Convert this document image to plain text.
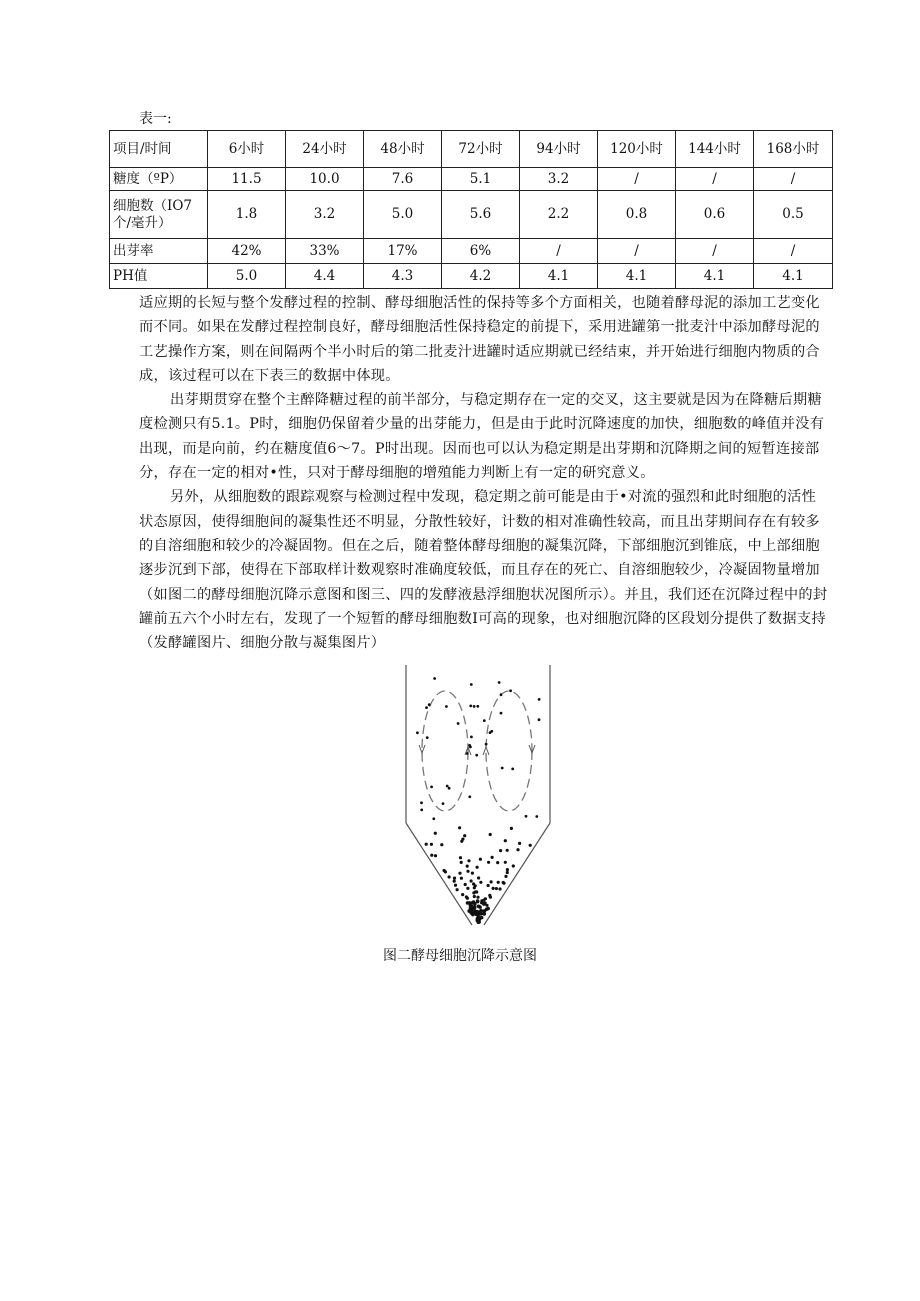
表一:
项目/时间	6小时	24小时	48小时	72小时	94小时	120小时	144小时	168小时
糖度（ºP）	11.5	10.0	7.6	5.1	3.2	/	/	/
细胞数（IO7个/毫升）	1.8	3.2	5.0	5.6	2.2	0.8	0.6	0.5
出芽率	42%	33%	17%	6%	/	/	/	/
PH值	5.0	4.4	4.3	4.2	4.1	4.1	4.1	4.1

适应期的长短与整个发酵过程的控制、酵母细胞活性的保持等多个方面相关，也随着酵母泥的添加工艺变化而不同。如果在发酵过程控制良好，酵母细胞活性保持稳定的前提下，采用进罐第一批麦汁中添加酵母泥的工艺操作方案，则在间隔两个半小时后的第二批麦汁进罐时适应期就已经结束，并开始进行细胞内物质的合成，该过程可以在下表三的数据中体现。

出芽期贯穿在整个主醉降糖过程的前半部分，与稳定期存在一定的交叉，这主要就是因为在降糖后期糖度检测只有5.1。P时，细胞仍保留着少量的出芽能力，但是由于此时沉降速度的加快，细胞数的峰值并没有出现，而是向前，约在糖度值6～7。P时出现。因而也可以认为稳定期是出芽期和沉降期之间的短暂连接部分，存在一定的相对•性，只对于酵母细胞的增殖能力判断上有一定的研究意义。

另外，从细胞数的跟踪观察与检测过程中发现，稳定期之前可能是由于•对流的强烈和此时细胞的活性状态原因，使得细胞间的凝集性还不明显，分散性较好，计数的相对准确性较高，而且出芽期间存在有较多的自溶细胞和较少的冷凝固物。但在之后，随着整体酵母细胞的凝集沉降，下部细胞沉到锥底，中上部细胞逐步沉到下部，使得在下部取样计数观察时准确度较低，而且存在的死亡、自溶细胞较少，冷凝固物量增加（如图二的酵母细胞沉降示意图和图三、四的发酵液悬浮细胞状况图所示）。并且，我们还在沉降过程中的封罐前五六个小时左右，发现了一个短暂的酵母细胞数I可高的现象，也对细胞沉降的区段划分提供了数据支持（发酵罐图片、细胞分散与凝集图片）

图二酵母细胞沉降示意图
